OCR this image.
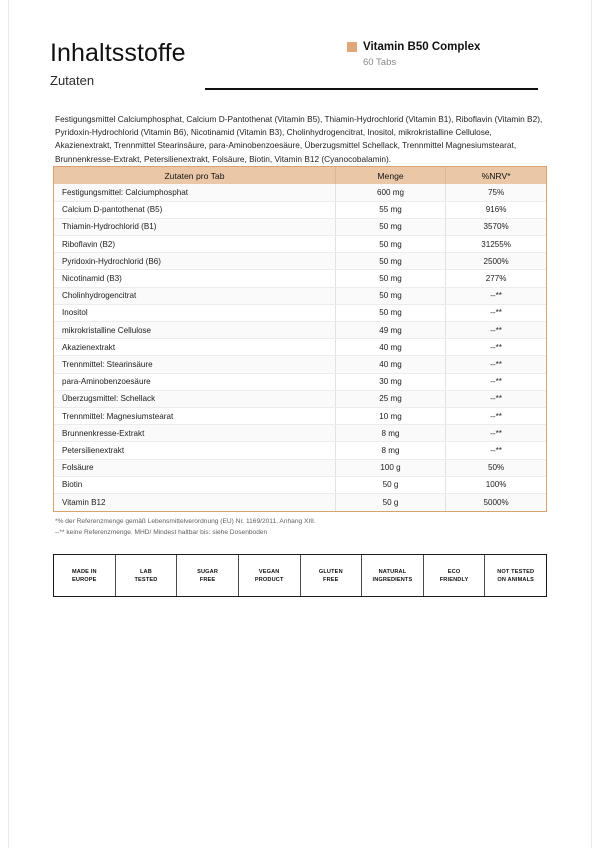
Inhaltsstoffe
Zutaten
Vitamin B50 Complex
60 Tabs
Festigungsmittel Calciumphosphat, Calcium D-Pantothenat (Vitamin B5), Thiamin-Hydrochlorid (Vitamin B1), Riboflavin (Vitamin B2), Pyridoxin-Hydrochlorid (Vitamin B6), Nicotinamid (Vitamin B3), Cholinhydrogencitrat, Inositol, mikrokristalline Cellulose, Akazienextrakt, Trennmittel Stearinsäure, para-Aminobenzoesäure, Überzugsmittel Schellack, Trennmittel Magnesiumstearat, Brunnenkresse-Extrakt, Petersilienextrakt, Folsäure, Biotin, Vitamin B12 (Cyanocobalamin).
Zutaten pro Tab	Menge	%NRV*
Festigungsmittel: Calciumphosphat	600 mg	75%
Calcium D-pantothenat (B5)	55 mg	916%
Thiamin-Hydrochlorid (B1)	50 mg	3570%
Riboflavin (B2)	50 mg	31255%
Pyridoxin-Hydrochlorid (B6)	50 mg	2500%
Nicotinamid (B3)	50 mg	277%
Cholinhydrogencitrat	50 mg	--**
Inositol	50 mg	--**
mikrokristalline Cellulose	49 mg	--**
Akazienextrakt	40 mg	--**
Trennmittel: Stearinsäure	40 mg	--**
para-Aminobenzoesäure	30 mg	--**
Überzugsmittel: Schellack	25 mg	--**
Trennmittel: Magnesiumstearat	10 mg	--**
Brunnenkresse-Extrakt	8 mg	--**
Petersilienextrakt	8 mg	--**
Folsäure	100 g	50%
Biotin	50 g	100%
Vitamin B12	50 g	5000%
*% der Referenzmenge gemäß Lebensmittelverordnung (EU) Nr. 1169/2011, Anhang XIII.
--** keine Referenzmenge. MHD/ Mindest haltbar bis: siehe Dosenboden
MADE IN
EUROPE
LAB
TESTED
SUGAR
FREE
VEGAN
PRODUCT
GLUTEN
FREE
NATURAL
INGREDIENTS
ECO
FRIENDLY
NOT TESTED
ON ANIMALS
